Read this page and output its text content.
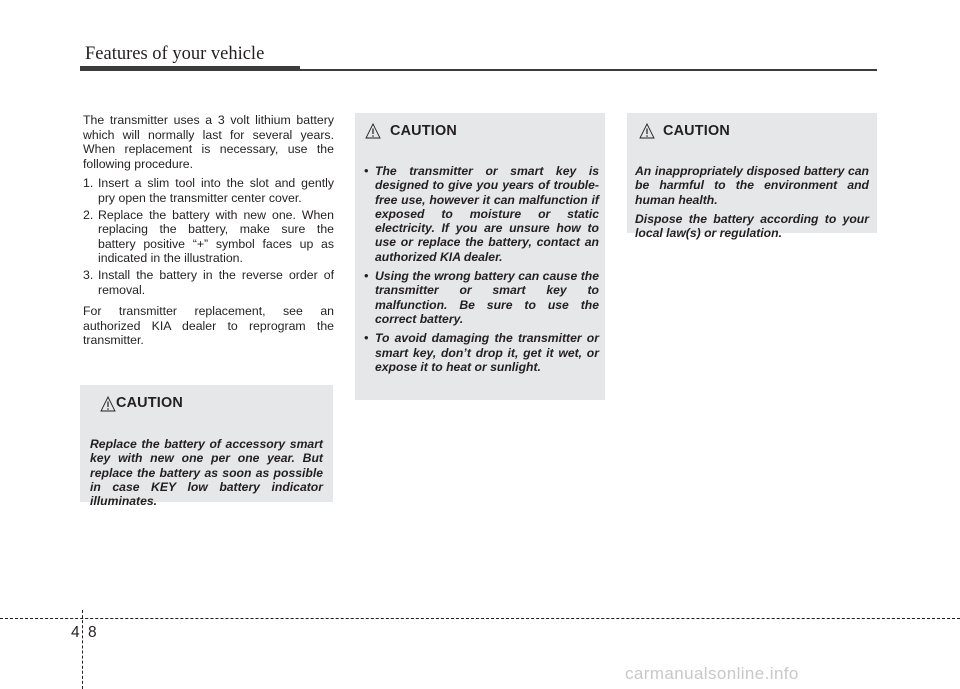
Features of your vehicle

The transmitter uses a 3 volt lithium battery which will normally last for several years. When replacement is necessary, use the following procedure.

1. Insert a slim tool into the slot and gently pry open the transmitter center cover.
2. Replace the battery with new one. When replacing the battery, make sure the battery positive “+” symbol faces up as indicated in the illustration.
3. Install the battery in the reverse order of removal.

For transmitter replacement, see an authorized KIA dealer to reprogram the transmitter.

CAUTION

Replace the battery of accessory smart key with new one per one year. But replace the battery as soon as possible in case KEY low battery indicator illuminates.

CAUTION
• The transmitter or smart key is designed to give you years of trouble-free use, however it can malfunction if exposed to moisture or static electricity. If you are unsure how to use or replace the battery, contact an authorized KIA dealer.
• Using the wrong battery can cause the transmitter or smart key to malfunction. Be sure to use the correct battery.
• To avoid damaging the transmitter or smart key, don’t drop it, get it wet, or expose it to heat or sunlight.
CAUTION

An inappropriately disposed battery can be harmful to the environment and human health.

Dispose the battery according to your local law(s) or regulation.

4 8
carmanualsonline.info
